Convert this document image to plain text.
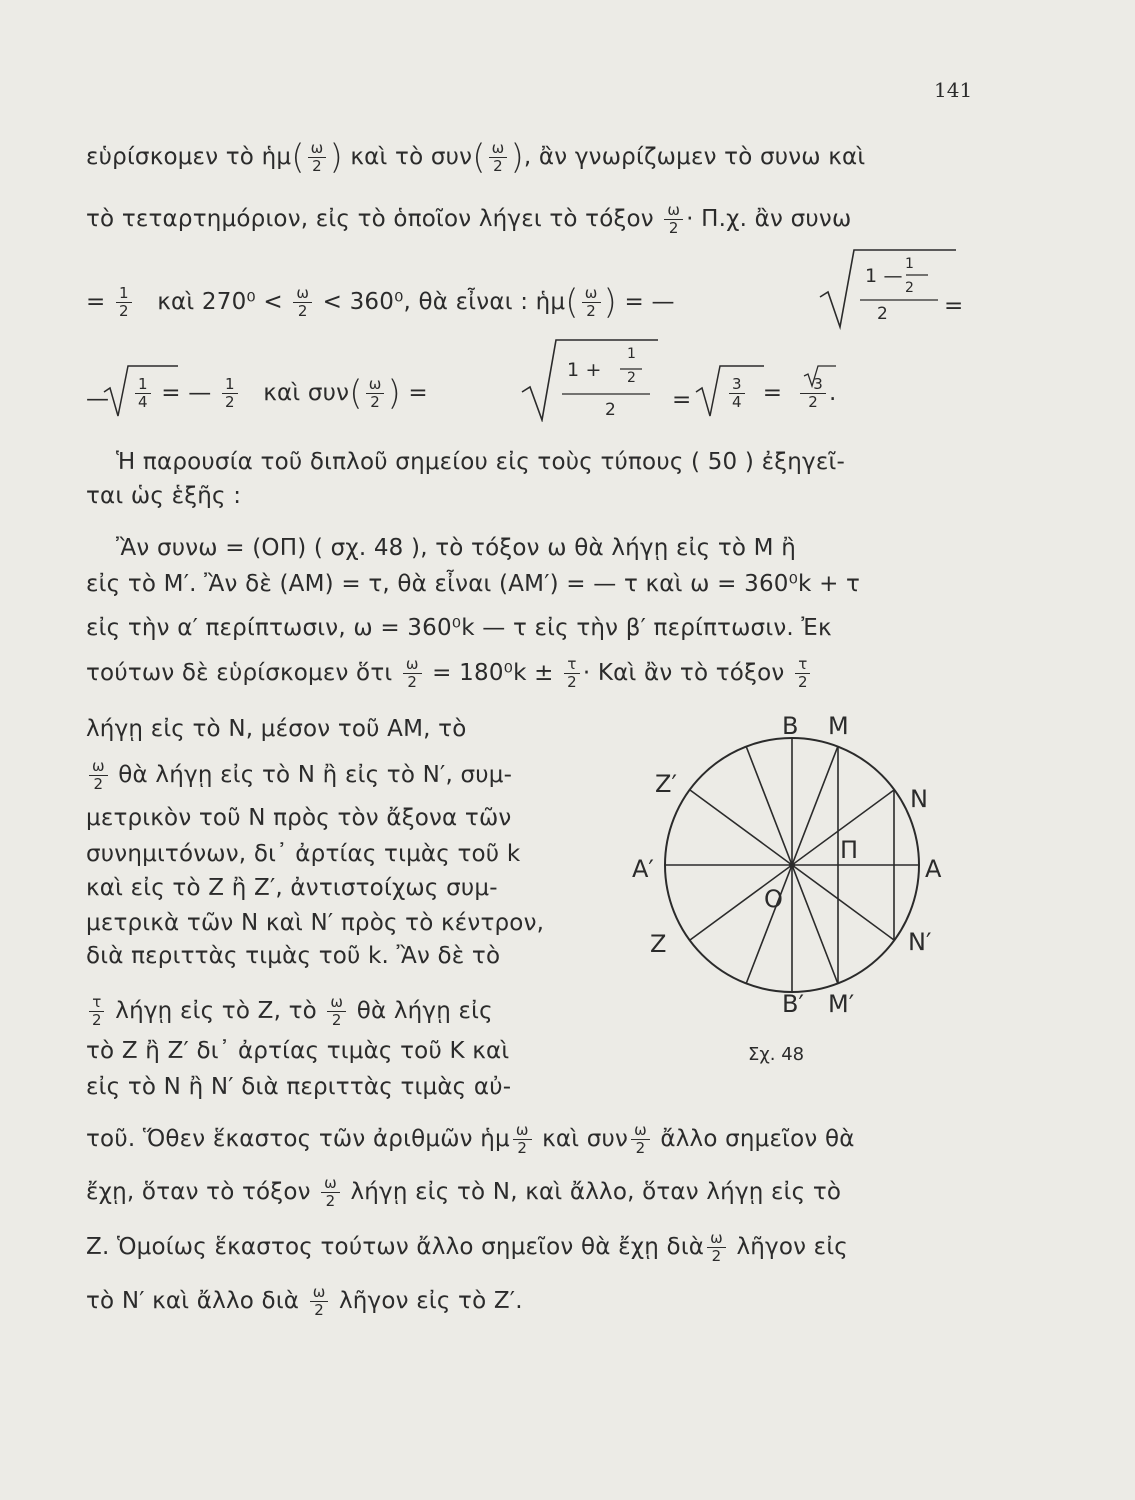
141
εὑρίσκομεν τὸ ἡμ( $\frac{\omega}{2}$ ) καὶ τὸ $\sigma\upsilon\nu( \frac{\omega}{2}$ ), ἂν γνωρίζωμεν τὸ συνω καὶ
τὸ τεταρτημόριον, εἰς τὸ ὁποῖον λήγει τὸ τόξον $\frac{\omega}{2} \cdot \Pi.\chi$. ἂν συνω
= $\frac{1}{2}$ καὶ $270^0 < \frac{\omega}{2} < 360^0$, θὰ εἶναι : ἡμ( $\frac{\omega}{2}$ ) = —
1 —
1
2
2 =
— $\frac{1}{4}$ = — $\frac{1}{2}$ καὶ $\sigma\upsilon\nu( \frac{\omega}{2}$ ) =
1 +
1
2
2 =	$\frac{3}{4} = \frac{3}{2}$ .
Ἡ παρουσία τοῦ διπλοῦ σημείου εἰς τοὺς τύπους ( 50 ) ἐξηγεῖ-
ται ὡς ἑξῆς :
Ἂν συνω = (ΟΠ) ( σχ. 48 ), τὸ τόξον ω θὰ λήγῃ εἰς τὸ Μ ἢ
εἰς τὸ Μ′. Ἂν δὲ (ΑΜ) = τ, θὰ εἶναι (ΑΜ′) = — τ καὶ ω = 360⁰k + τ
εἰς τὴν α′ περίπτωσιν, ω = 360⁰k — τ εἰς τὴν β′ περίπτωσιν. Ἐκ
τούτων δὲ εὑρίσκομεν ὅτι $\frac{\omega}{2} = 180^0k \pm \frac{\tau}{2}$ · Καὶ ἂν τὸ τόξον $\frac{\tau}{2}$
λήγῃ εἰς τὸ Ν, μέσον τοῦ ΑΜ, τὸ
$\frac{\omega}{2}$ θὰ λήγῃ εἰς τὸ Ν ἢ εἰς τὸ Ν′, συμ-
μετρικὸν τοῦ Ν πρὸς τὸν ἄξονα τῶν
συνημιτόνων, δι᾽ ἀρτίας τιμὰς τοῦ k
καὶ εἰς τὸ Ζ ἢ Ζ′, ἀντιστοίχως συμ-
μετρικὰ τῶν Ν καὶ Ν′ πρὸς τὸ κέντρον,
διὰ περιττὰς τιμὰς τοῦ k. Ἂν δὲ τὸ
$\frac{\tau}{2}$ λήγῃ εἰς τὸ Ζ, τὸ $\frac{\omega}{2}$ θὰ λήγῃ εἰς
τὸ Ζ ἢ Ζ′ δι᾽ ἀρτίας τιμὰς τοῦ Κ καὶ
εἰς τὸ Ν ἢ Ν′ διὰ περιττὰς τιμὰς αὐ-
τοῦ. Ὅθεν ἕκαστος τῶν ἀριθμῶν ἡμ $\frac{\omega}{2}$ καὶ συν $\frac{\omega}{2}$ ἄλλο σημεῖον θὰ
ἔχῃ, ὅταν τὸ τόξον $\frac{\omega}{2}$ λήγῃ εἰς τὸ Ν, καὶ ἄλλο, ὅταν λήγῃ εἰς τὸ
Ζ. Ὁμοίως ἕκαστος τούτων ἄλλο σημεῖον θὰ ἔχῃ διὰ $\frac{\omega}{2}$ λῆγον εἰς
τὸ Ν′ καὶ ἄλλο διὰ $\frac{\omega}{2}$ λῆγον εἰς τὸ Ζ′.
Β Μ
Ζ′
Ν
Π
Α′	Α
Ο
Ζ	Ν′
Β′ Μ′
Σχ. 48
